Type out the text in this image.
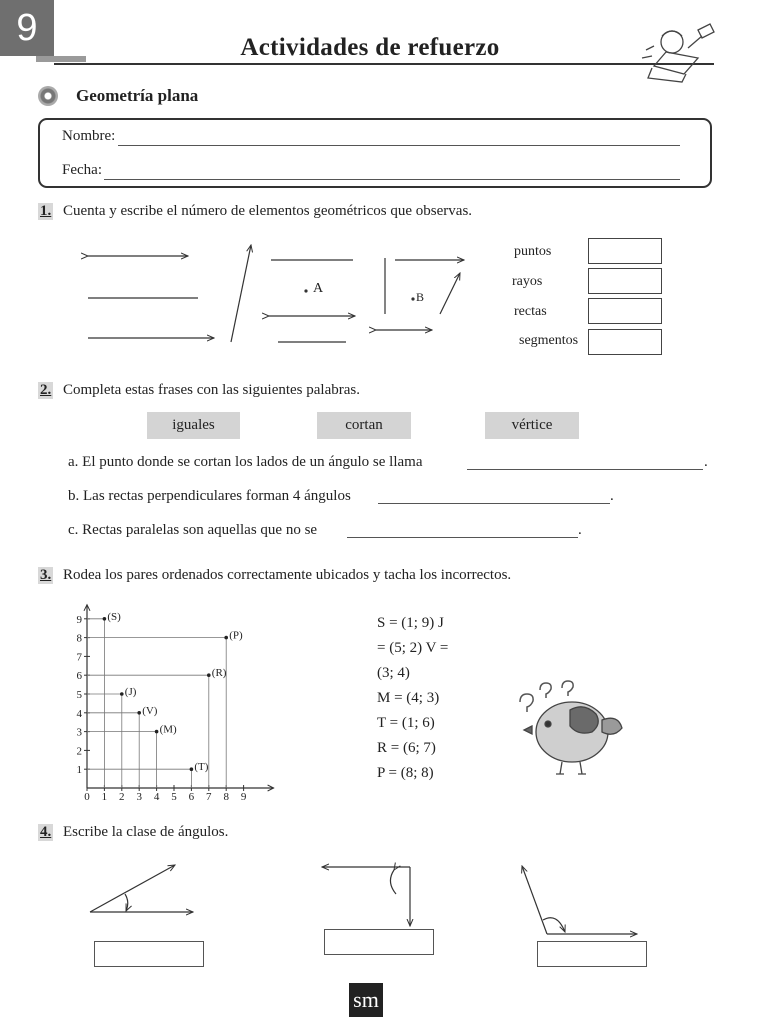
9	Actividades de refuerzo
Geometría plana
Nombre:
Fecha:
1. Cuenta y escribe el número de elementos geométricos que observas.
A
B
puntos
rayos
rectas
segmentos
2. Completa estas frases con las siguientes palabras.
iguales	cortan	vértice
a. El punto donde se cortan los lados de un ángulo se llama	.
b. Las rectas perpendiculares forman 4 ángulos	.
c. Rectas paralelas son aquellas que no se	.
3. Rodea los pares ordenados correctamente ubicados y tacha los incorrectos.
0 1 2 3 4 5 6 7 8 9
1
2
3
4
5
6
7
8
9 (S)
(P)
(R)
(J)
(V)
(M)
(T)
S = (1; 9) J
= (5; 2) V =
(3; 4)
M = (4; 3)
T = (1; 6)
R = (6; 7)
P = (8; 8)
4. Escribe la clase de ángulos.
sm
